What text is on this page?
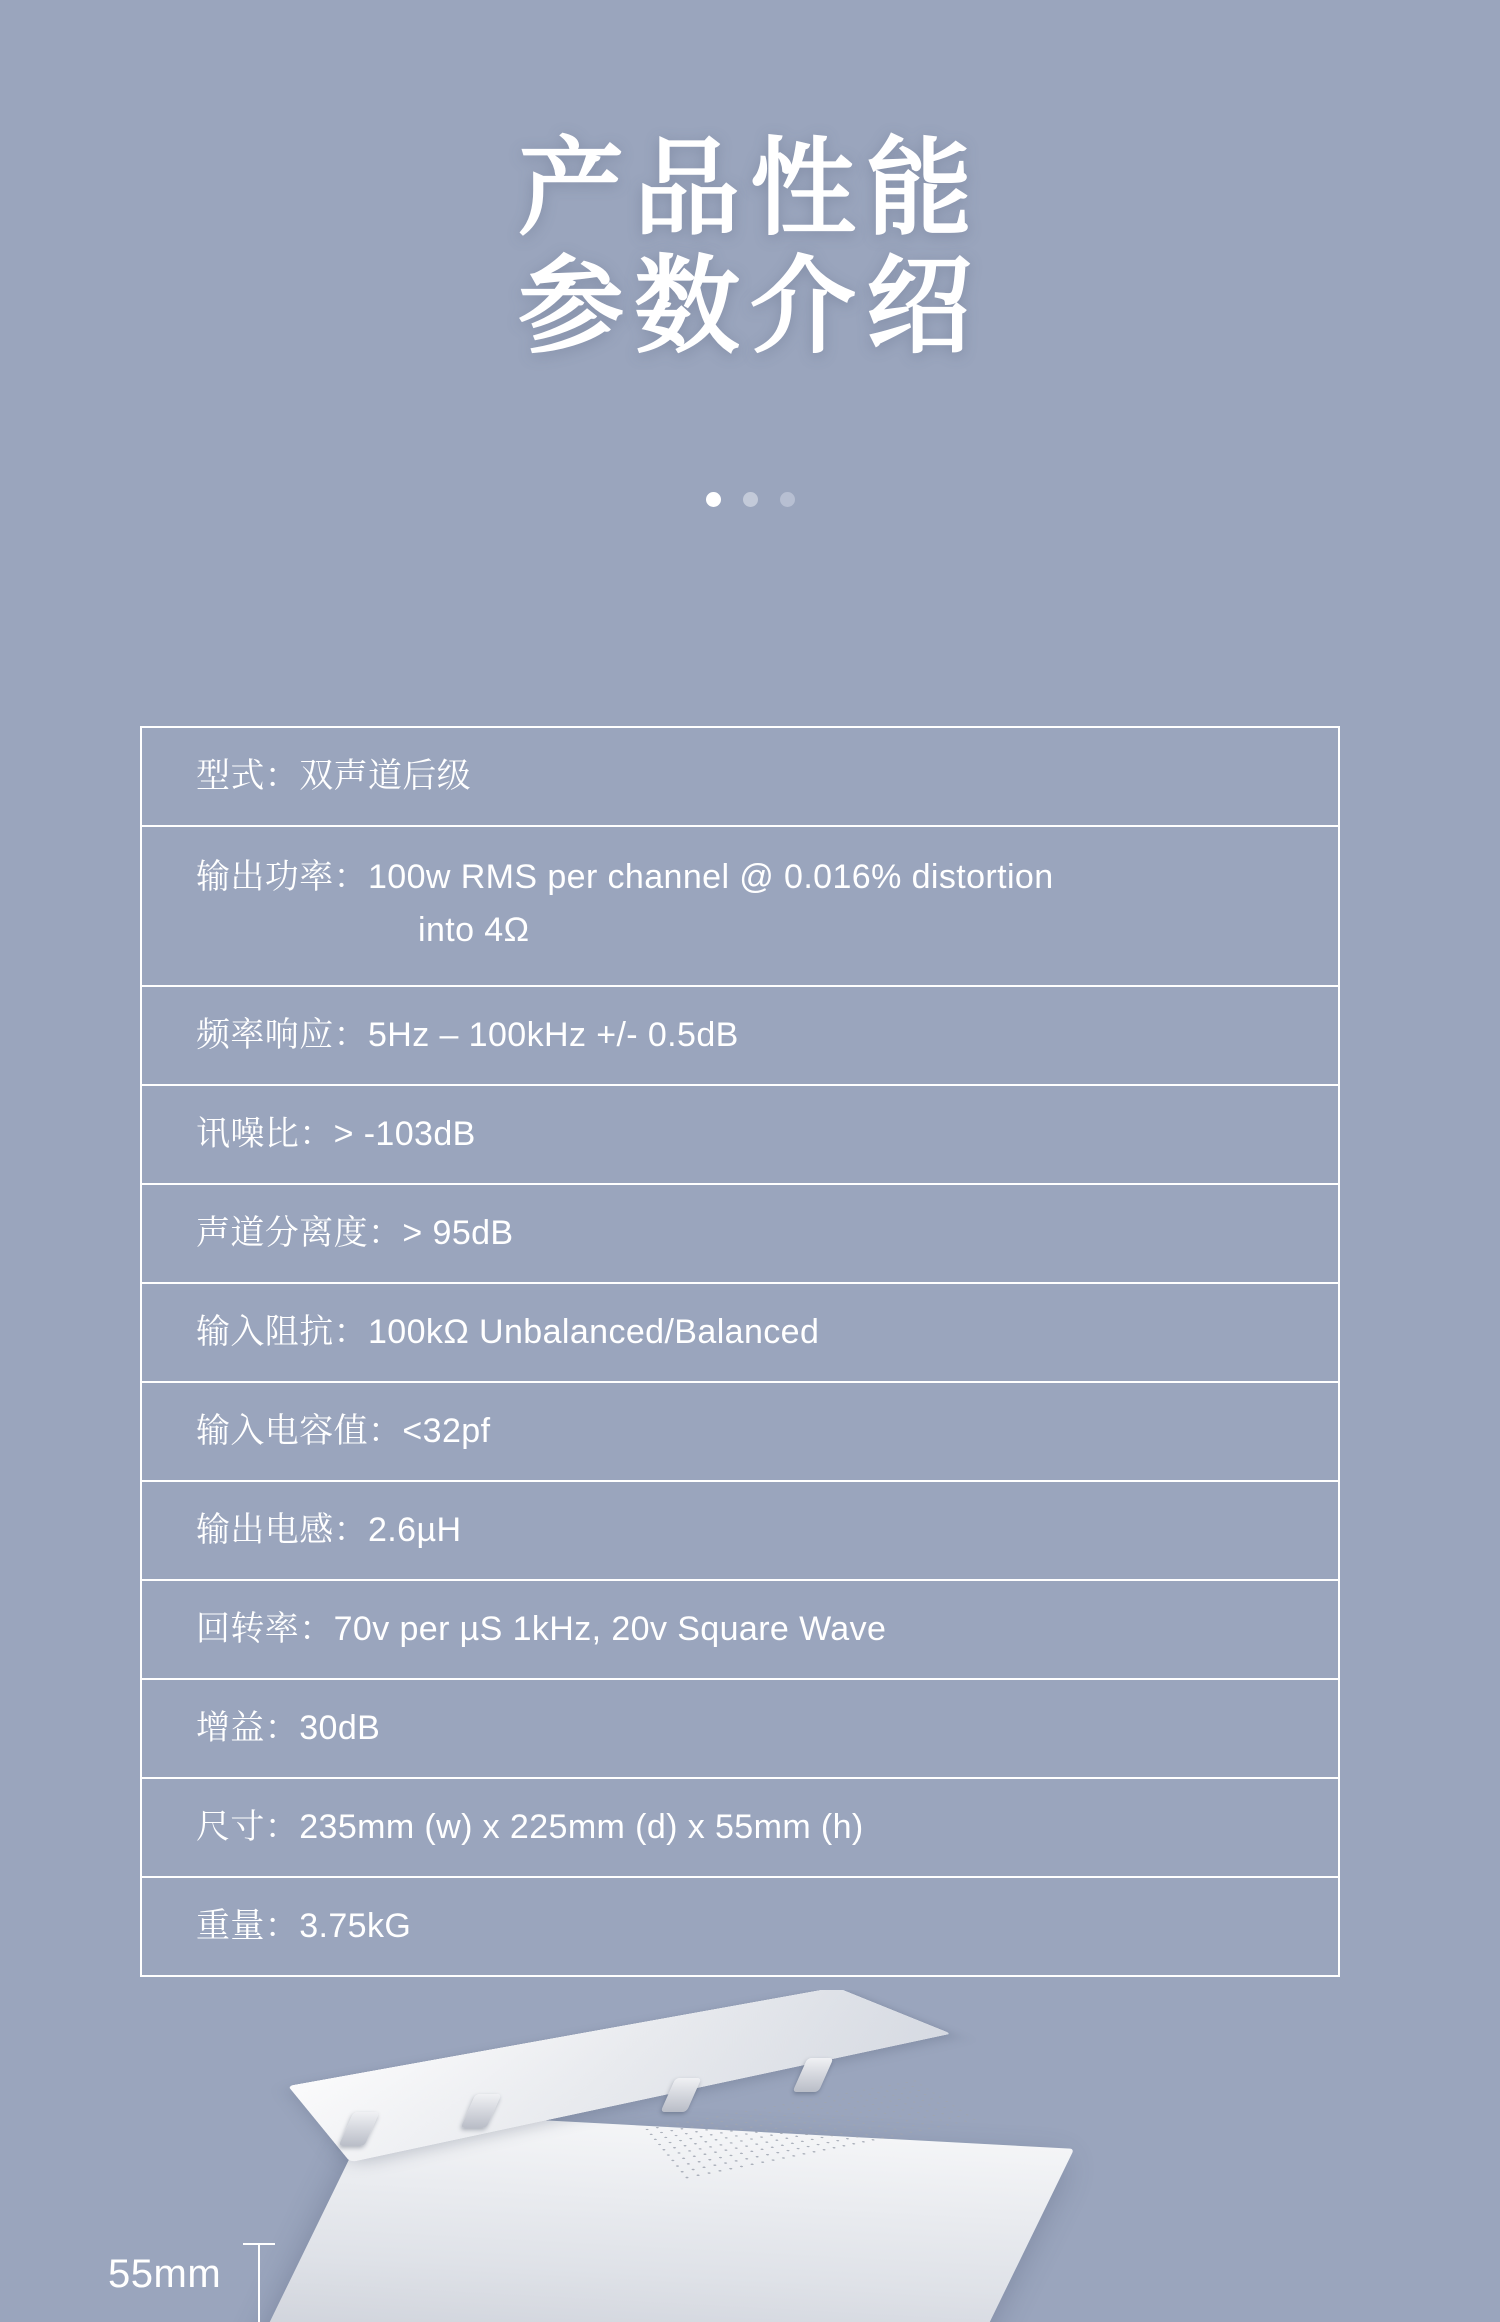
产品性能
参数介绍
型式：双声道后级
输出功率：100w RMS per channel @ 0.016% distortion
into 4Ω
频率响应：5Hz – 100kHz +/- 0.5dB
讯噪比：> -103dB
声道分离度：> 95dB
输入阻抗：100kΩ Unbalanced/Balanced
输入电容值：<32pf
输出电感：2.6µH
回转率：70v per µS 1kHz, 20v Square Wave
增益：30dB
尺寸：235mm (w) x 225mm (d) x 55mm (h)
重量：3.75kG
55mm
